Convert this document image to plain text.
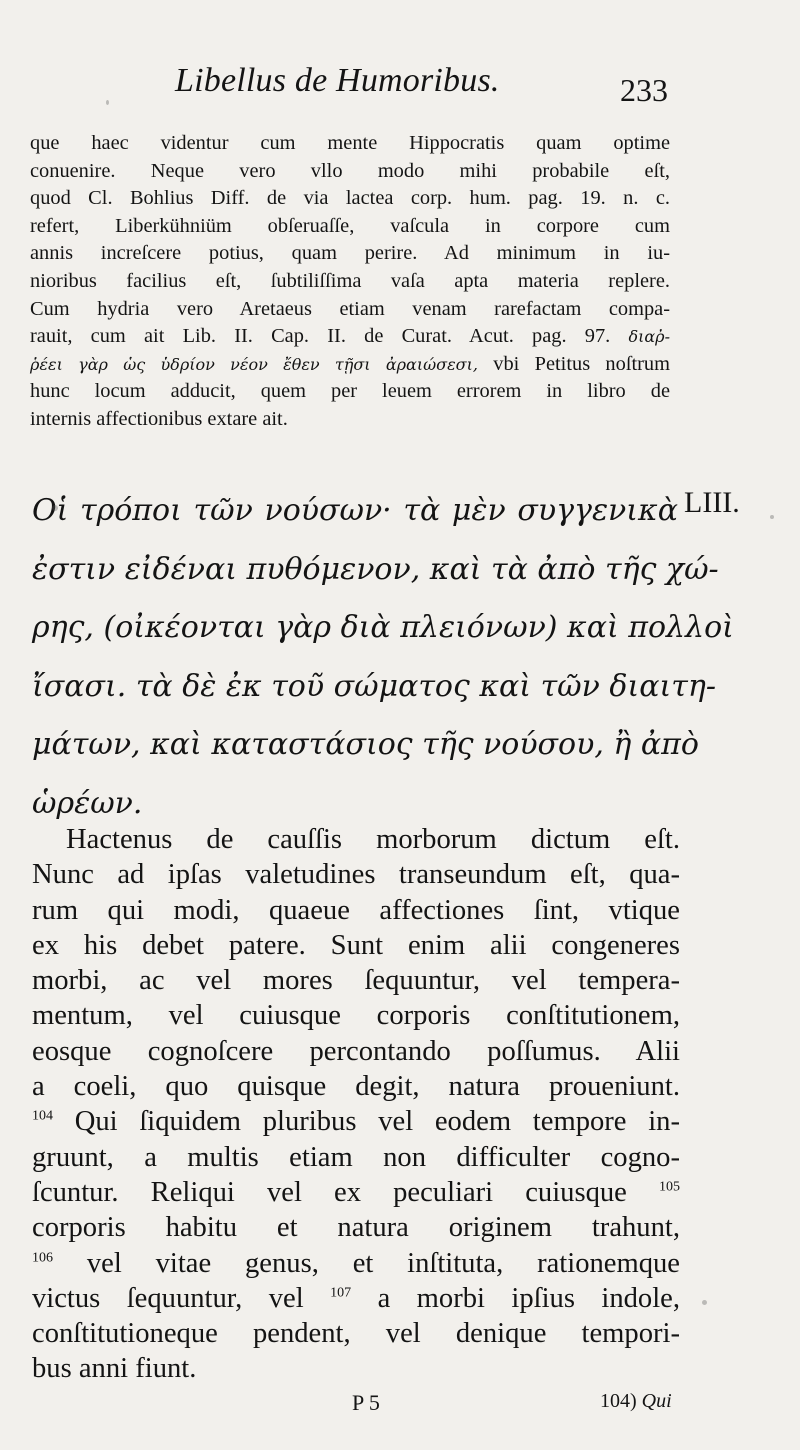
Libellus de Humoribus.	233
que haec videntur cum mente Hippocratis quam optime
conuenire. Neque vero vllo modo mihi probabile eſt,
quod Cl. Bohlius Diff. de via lactea corp. hum. pag. 19. n. c.
refert, Liberkühniüm obſeruaſſe, vaſcula in corpore cum
annis increſcere potius, quam perire. Ad minimum in iu-
nioribus facilius eſt, ſubtiliſſima vaſa apta materia replere.
Cum hydria vero Aretaeus etiam venam rarefactam compa-
rauit, cum ait Lib. II. Cap. II. de Curat. Acut. pag. 97. διαῤ-
ῥέει γὰρ ὡς ὑδρίον νέον ἔθεν τῇσι ἀραιώσεσι, vbi Petitus noſtrum
hunc locum adducit, quem per leuem errorem in libro de
internis affectionibus extare ait.
Οἱ τρόποι τῶν νούσων· τὰ μὲν συγγενικὰ
ἐστιν εἰδέναι πυθόμενον, καὶ τὰ ἀπὸ τῆς χώ-
ρης, (οἰκέονται γὰρ διὰ πλειόνων) καὶ πολλοὶ
ἴσασι. τὰ δὲ ἐκ τοῦ σώματος καὶ τῶν διαιτη-
μάτων, καὶ καταστάσιος τῆς νούσου, ἢ ἀπὸ
ὡρέων.
LIII.
Hactenus de cauſſis morborum dictum eſt.
Nunc ad ipſas valetudines transeundum eſt, qua-
rum qui modi, quaeue affectiones ſint, vtique
ex his debet patere. Sunt enim alii congeneres
morbi, ac vel mores ſequuntur, vel tempera-
mentum, vel cuiusque corporis conſtitutionem,
eosque cognoſcere percontando poſſumus. Alii
a coeli, quo quisque degit, natura proueniunt.
$^{104}$ Qui ſiquidem pluribus vel eodem tempore in-
gruunt, a multis etiam non difficulter cogno-
ſcuntur. Reliqui vel ex peculiari cuiusque $^{105}$
corporis habitu et natura originem trahunt,
$^{106}$ vel vitae genus, et inſtituta, rationemque
victus ſequuntur, vel $^{107}$ a morbi ipſius indole,
conſtitutioneque pendent, vel denique tempori-
bus anni fiunt.
P 5	104) Qui
